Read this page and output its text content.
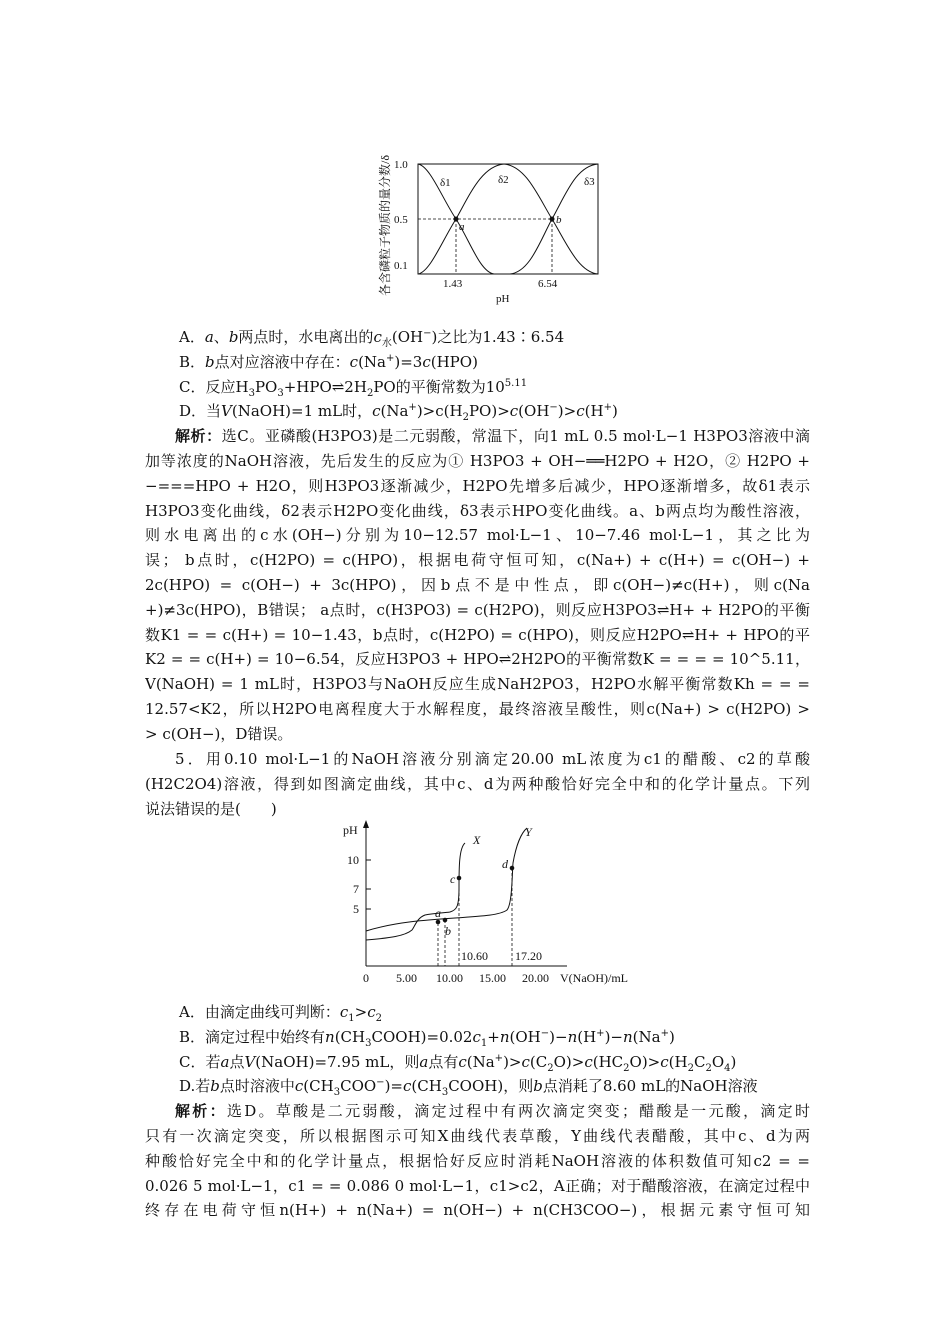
各含磷粒子物质的量分数/δ 1.0
0.5
0.1
a
b
δ1	δ2	δ3
1.43	6.54
pH
A．a、b两点时，水电离出的$c_水(OH^-)$之比为1.43∶6.54
B．b点对应溶液中存在：c(Na+)=3c(HPO)
C．反应$H_3PO_3+HPO\rightleftharpoons 2H_2PO$的平衡常数为$10^{5.11}$
D．当V(NaOH)=1 mL时，$c(Na^+)>c(H_2PO)>c(OH^-)>c(H^+)$
解析：选C。亚磷酸(H3PO3)是二元弱酸，常温下，向1 mL 0.5 mol·L−1 H3PO3溶液中滴
加等浓度的NaOH溶液，先后发生的反应为① H3PO3 + OH−══H2PO + H2O，② H2PO +
−===HPO + H2O，则H3PO3逐渐减少，H2PO先增多后减少，HPO逐渐增多，故δ1表示
H3PO3变化曲线，δ2表示H2PO变化曲线，δ3表示HPO变化曲线。a、b两点均为酸性溶液，
则水电离出的c水(OH−)分别为10−12.57 mol·L−1、10−7.46 mol·L−1，其之比为
误； b点时，c(H2PO) = c(HPO)，根据电荷守恒可知，c(Na+) + c(H+) = c(OH−) +
2c(HPO) = c(OH−) + 3c(HPO)，因b点不是中性点，即c(OH−)≠c(H+)，则c(Na
+)≠3c(HPO)，B错误； a点时，c(H3PO3) = c(H2PO)，则反应H3PO3⇌H+ + H2PO的平衡
数K1 = = c(H+) = 10−1.43，b点时，c(H2PO) = c(HPO)，则反应H2PO⇌H+ + HPO的平
K2 = = c(H+) = 10−6.54，反应H3PO3 + HPO⇌2H2PO的平衡常数K = = = = 10^5.11，
V(NaOH) = 1 mL时，H3PO3与NaOH反应生成NaH2PO3，H2PO水解平衡常数Kh = = =
12.57<K2，所以H2PO电离程度大于水解程度，最终溶液呈酸性，则c(Na+) > c(H2PO) >
> c(OH−)，D错误。
5．用0.10 mol·L−1的NaOH溶液分别滴定20.00 mL浓度为c1的醋酸、c2的草酸
(H2C2O4)溶液，得到如图滴定曲线，其中c、d为两种酸恰好完全中和的化学计量点。下列
说法错误的是(　　)
pH
10
7
5	a
b
c
d
X
Y
10.60 17.20
0 5.00 10.00 15.00 20.00 V(NaOH)/mL
A．由滴定曲线可判断：$c_1>c_2$
B．滴定过程中始终有$n(CH_3COOH)=0.02c_1+n(OH^-)-n(H^+)-n(Na^+)$
C．若a点V(NaOH)=7.95 mL，则a点有$c(Na^+)>c(C_2O)>c(HC_2O)>c(H_2C_2O_4)$
D.若b点时溶液中$c(CH_3COO^-)=c(CH_3COOH)$，则b点消耗了8.60 mL的NaOH溶液
解析：选D。草酸是二元弱酸，滴定过程中有两次滴定突变；醋酸是一元酸，滴定时
只有一次滴定突变，所以根据图示可知X曲线代表草酸，Y曲线代表醋酸，其中c、d为两
种酸恰好完全中和的化学计量点，根据恰好反应时消耗NaOH溶液的体积数值可知c2 = =
0.026 5 mol·L−1，c1 = = 0.086 0 mol·L−1，c1>c2，A正确；对于醋酸溶液，在滴定过程中
终存在电荷守恒n(H+) + n(Na+) = n(OH−) + n(CH3COO−)，根据元素守恒可知
